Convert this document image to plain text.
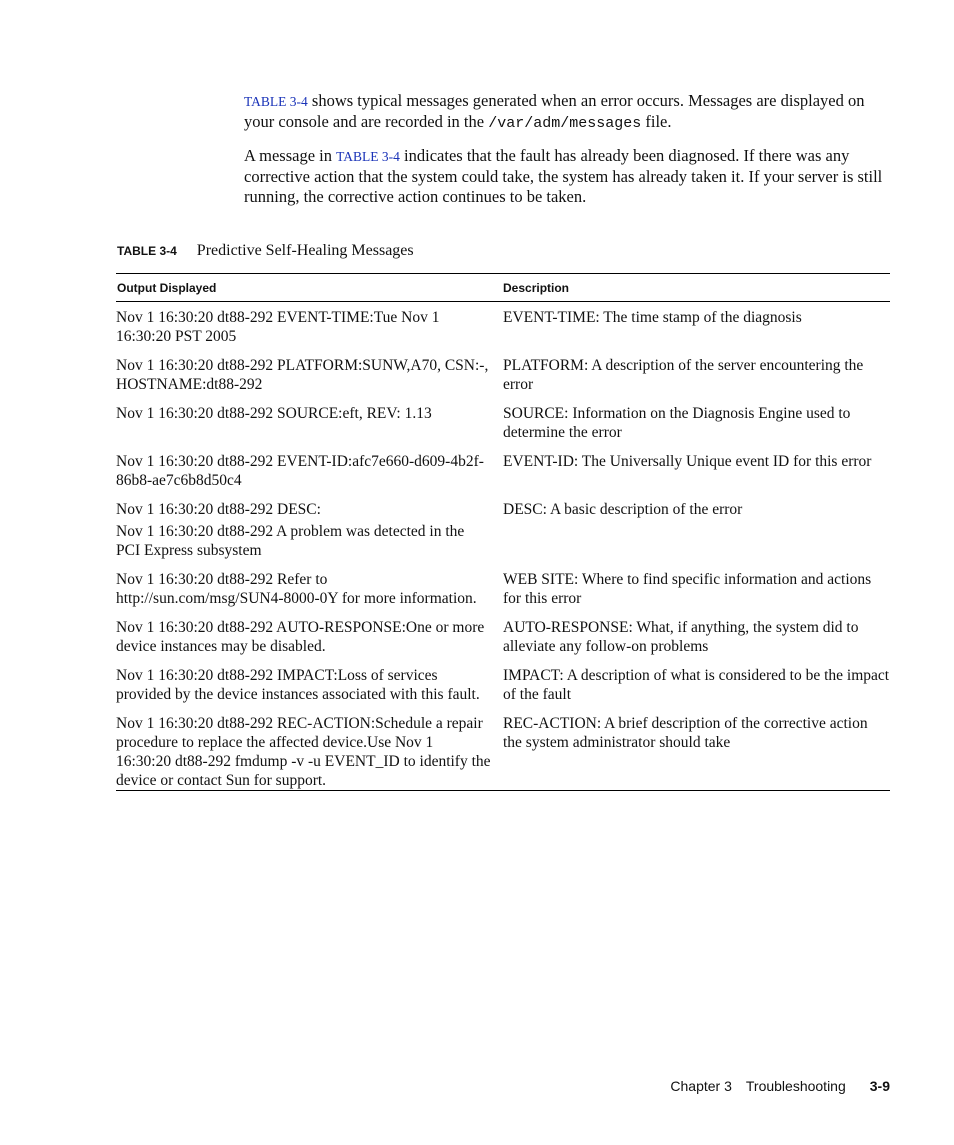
TABLE 3-4 shows typical messages generated when an error occurs. Messages are displayed on your console and are recorded in the /var/adm/messages file.

A message in TABLE 3-4 indicates that the fault has already been diagnosed. If there was any corrective action that the system could take, the system has already taken it. If your server is still running, the corrective action continues to be taken.

TABLE 3-4 Predictive Self-Healing Messages
Output Displayed	Description

Nov 1 16:30:20 dt88-292 EVENT-TIME:Tue Nov 1 16:30:20 PST 2005

EVENT-TIME: The time stamp of the diagnosis

Nov 1 16:30:20 dt88-292 PLATFORM:SUNW,A70, CSN:-, HOSTNAME:dt88-292

PLATFORM: A description of the server encountering the error

Nov 1 16:30:20 dt88-292 SOURCE:eft, REV: 1.13	SOURCE: Information on the Diagnosis Engine used to determine the error

Nov 1 16:30:20 dt88-292 EVENT-ID:afc7e660-d609-4b2f-86b8-ae7c6b8d50c4

EVENT-ID: The Universally Unique event ID for this error

Nov 1 16:30:20 dt88-292 DESC:

Nov 1 16:30:20 dt88-292 A problem was detected in the PCI Express subsystem

DESC: A basic description of the error

Nov 1 16:30:20 dt88-292 Refer to http://sun.com/msg/SUN4-8000-0Y for more information.

WEB SITE: Where to find specific information and actions for this error

Nov 1 16:30:20 dt88-292 AUTO-RESPONSE:One or more device instances may be disabled.

AUTO-RESPONSE: What, if anything, the system did to alleviate any follow-on problems

Nov 1 16:30:20 dt88-292 IMPACT:Loss of services provided by the device instances associated with this fault.

IMPACT: A description of what is considered to be the impact of the fault

Nov 1 16:30:20 dt88-292 REC-ACTION:Schedule a repair procedure to replace the affected device.Use Nov 1 16:30:20 dt88-292 fmdump -v -u EVENT_ID to identify the device or contact Sun for support.

REC-ACTION: A brief description of the corrective action the system administrator should take
Chapter 3 Troubleshooting 3-9
